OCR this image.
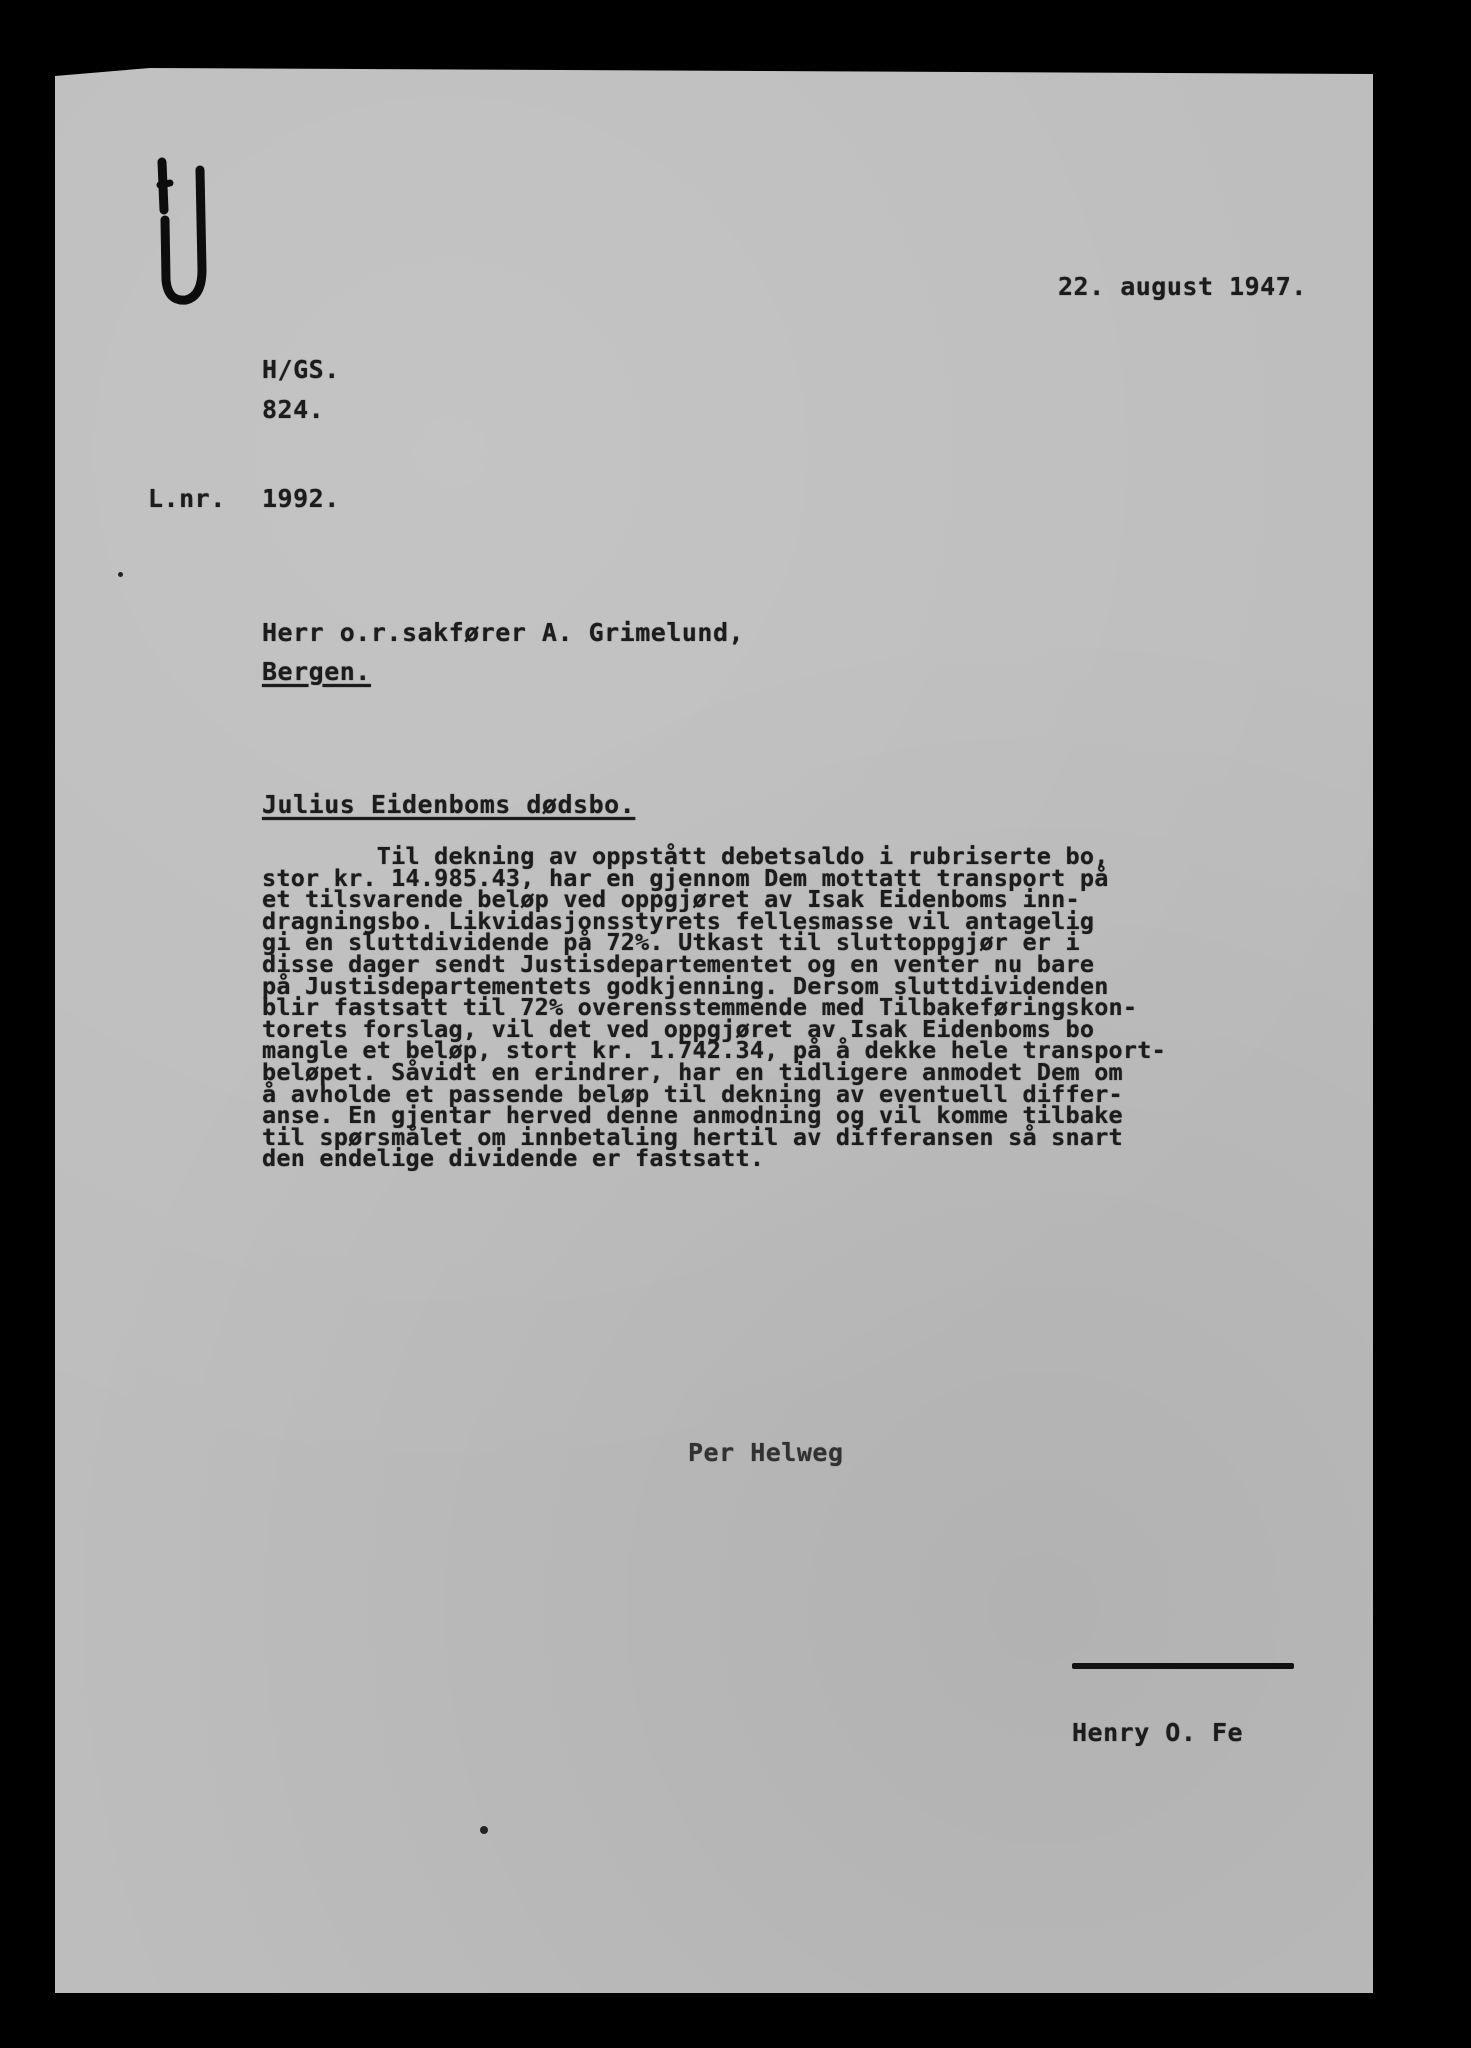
22. august 1947.
H/GS.
824.
L.nr. 1992.
Herr o.r.sakfører A. Grimelund,
Bergen.
Julius Eidenboms dødsbo.
Til dekning av oppstått debetsaldo i rubriserte bo,
stor kr. 14.985.43, har en gjennom Dem mottatt transport på
et tilsvarende beløp ved oppgjøret av Isak Eidenboms inn-
dragningsbo. Likvidasjonsstyrets fellesmasse vil antagelig
gi en sluttdividende på 72%. Utkast til sluttoppgjør er i
disse dager sendt Justisdepartementet og en venter nu bare
på Justisdepartementets godkjenning. Dersom sluttdividenden
blir fastsatt til 72% overensstemmende med Tilbakeføringskon-
torets forslag, vil det ved oppgjøret av Isak Eidenboms bo
mangle et beløp, stort kr. 1.742.34, på å dekke hele transport-
beløpet. Såvidt en erindrer, har en tidligere anmodet Dem om
å avholde et passende beløp til dekning av eventuell differ-
anse. En gjentar herved denne anmodning og vil komme tilbake
til spørsmålet om innbetaling hertil av differansen så snart
den endelige dividende er fastsatt.
Per Helweg
Henry O. Fe
